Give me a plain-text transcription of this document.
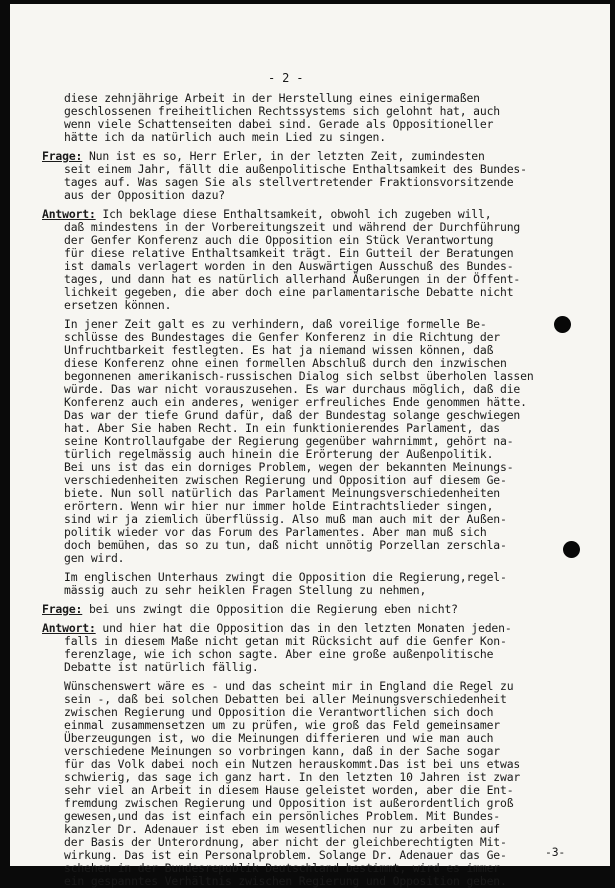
- 2 -
-3-
diese zehnjährige Arbeit in der Herstellung eines einigermaßen
geschlossenen freiheitlichen Rechtssystems sich gelohnt hat, auch
wenn viele Schattenseiten dabei sind. Gerade als Oppositioneller
hätte ich da natürlich auch mein Lied zu singen.
Frage: Nun ist es so, Herr Erler, in der letzten Zeit, zumindesten
seit einem Jahr, fällt die außenpolitische Enthaltsamkeit des Bundes-
tages auf. Was sagen Sie als stellvertretender Fraktionsvorsitzende
aus der Opposition dazu?
Antwort: Ich beklage diese Enthaltsamkeit, obwohl ich zugeben will,
daß mindestens in der Vorbereitungszeit und während der Durchführung
der Genfer Konferenz auch die Opposition ein Stück Verantwortung
für diese relative Enthaltsamkeit trägt. Ein Gutteil der Beratungen
ist damals verlagert worden in den Auswärtigen Ausschuß des Bundes-
tages, und dann hat es natürlich allerhand Äußerungen in der Öffent-
lichkeit gegeben, die aber doch eine parlamentarische Debatte nicht
ersetzen können.
In jener Zeit galt es zu verhindern, daß voreilige formelle Be-
schlüsse des Bundestages die Genfer Konferenz in die Richtung der
Unfruchtbarkeit festlegten. Es hat ja niemand wissen können, daß
diese Konferenz ohne einen formellen Abschluß durch den inzwischen
begonnenen amerikanisch-russischen Dialog sich selbst überholen lassen
würde. Das war nicht vorauszusehen. Es war durchaus möglich, daß die
Konferenz auch ein anderes, weniger erfreuliches Ende genommen hätte.
Das war der tiefe Grund dafür, daß der Bundestag solange geschwiegen
hat. Aber Sie haben Recht. In ein funktionierendes Parlament, das
seine Kontrollaufgabe der Regierung gegenüber wahrnimmt, gehört na-
türlich regelmässig auch hinein die Erörterung der Außenpolitik.
Bei uns ist das ein dorniges Problem, wegen der bekannten Meinungs-
verschiedenheiten zwischen Regierung und Opposition auf diesem Ge-
biete. Nun soll natürlich das Parlament Meinungsverschiedenheiten
erörtern. Wenn wir hier nur immer holde Eintrachtslieder singen,
sind wir ja ziemlich überflüssig. Also muß man auch mit der Außen-
politik wieder vor das Forum des Parlamentes. Aber man muß sich
doch bemühen, das so zu tun, daß nicht unnötig Porzellan zerschla-
gen wird.
Im englischen Unterhaus zwingt die Opposition die Regierung,regel-
mässig auch zu sehr heiklen Fragen Stellung zu nehmen,
Frage: bei uns zwingt die Opposition die Regierung eben nicht?
Antwort: und hier hat die Opposition das in den letzten Monaten jeden-
falls in diesem Maße nicht getan mit Rücksicht auf die Genfer Kon-
ferenzlage, wie ich schon sagte. Aber eine große außenpolitische
Debatte ist natürlich fällig.
Wünschenswert wäre es - und das scheint mir in England die Regel zu
sein -, daß bei solchen Debatten bei aller Meinungsverschiedenheit
zwischen Regierung und Opposition die Verantwortlichen sich doch
einmal zusammensetzen um zu prüfen, wie groß das Feld gemeinsamer
Überzeugungen ist, wo die Meinungen differieren und wie man auch
verschiedene Meinungen so vorbringen kann, daß in der Sache sogar
für das Volk dabei noch ein Nutzen herauskommt.Das ist bei uns etwas
schwierig, das sage ich ganz hart. In den letzten 10 Jahren ist zwar
sehr viel an Arbeit in diesem Hause geleistet worden, aber die Ent-
fremdung zwischen Regierung und Opposition ist außerordentlich groß
gewesen,und das ist einfach ein persönliches Problem. Mit Bundes-
kanzler Dr. Adenauer ist eben im wesentlichen nur zu arbeiten auf
der Basis der Unterordnung, aber nicht der gleichberechtigten Mit-
wirkung. Das ist ein Personalproblem. Solange Dr. Adenauer das Ge-
schehen in der Bundesrepublik Deutschland bestimmt, wird es immer
ein gespanntes Verhältnis zwischen Regierung und Opposition geben.
